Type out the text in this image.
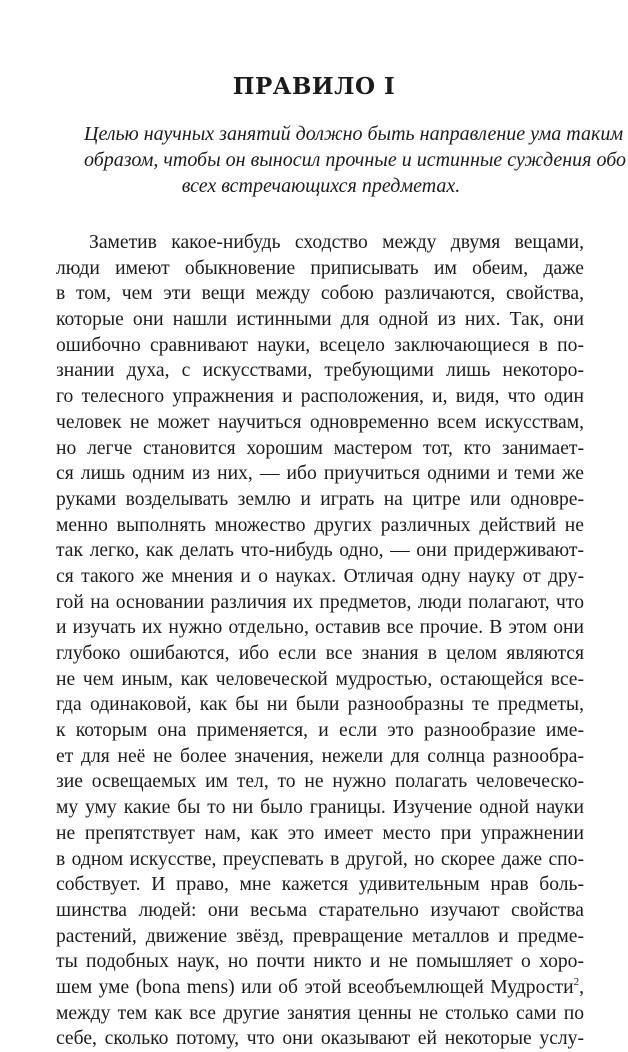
ПРАВИЛО I

Целью научных занятий должно быть направление ума таким
образом, чтобы он выносил прочные и истинные суждения обо
всех встречающихся предметах.

Заметив какое-нибудь сходство между двумя вещами,
люди имеют обыкновение приписывать им обеим, даже
в том, чем эти вещи между собою различаются, свойства,
которые они нашли истинными для одной из них. Так, они
ошибочно сравнивают науки, всецело заключающиеся в по-
знании духа, с искусствами, требующими лишь некоторо-
го телесного упражнения и расположения, и, видя, что один
человек не может научиться одновременно всем искусствам,
но легче становится хорошим мастером тот, кто занимает-
ся лишь одним из них, — ибо приучиться одними и теми же
руками возделывать землю и играть на цитре или одновре-
менно выполнять множество других различных действий не
так легко, как делать что-нибудь одно, — они придерживают-
ся такого же мнения и о науках. Отличая одну науку от дру-
гой на основании различия их предметов, люди полагают, что
и изучать их нужно отдельно, оставив все прочие. В этом они
глубоко ошибаются, ибо если все знания в целом являются
не чем иным, как человеческой мудростью, остающейся все-
гда одинаковой, как бы ни были разнообразны те предметы,
к которым она применяется, и если это разнообразие име-
ет для неё не более значения, нежели для солнца разнообра-
зие освещаемых им тел, то не нужно полагать человеческо-
му уму какие бы то ни было границы. Изучение одной науки
не препятствует нам, как это имеет место при упражнении
в одном искусстве, преуспевать в другой, но скорее даже спо-
собствует. И право, мне кажется удивительным нрав боль-
шинства людей: они весьма старательно изучают свойства
растений, движение звёзд, превращение металлов и предме-
ты подобных наук, но почти никто и не помышляет о хоро-
шем уме (bona mens) или об этой всеобъемлющей Мудрости$^2$,
между тем как все другие занятия ценны не столько сами по
себе, сколько потому, что они оказывают ей некоторые услу-
